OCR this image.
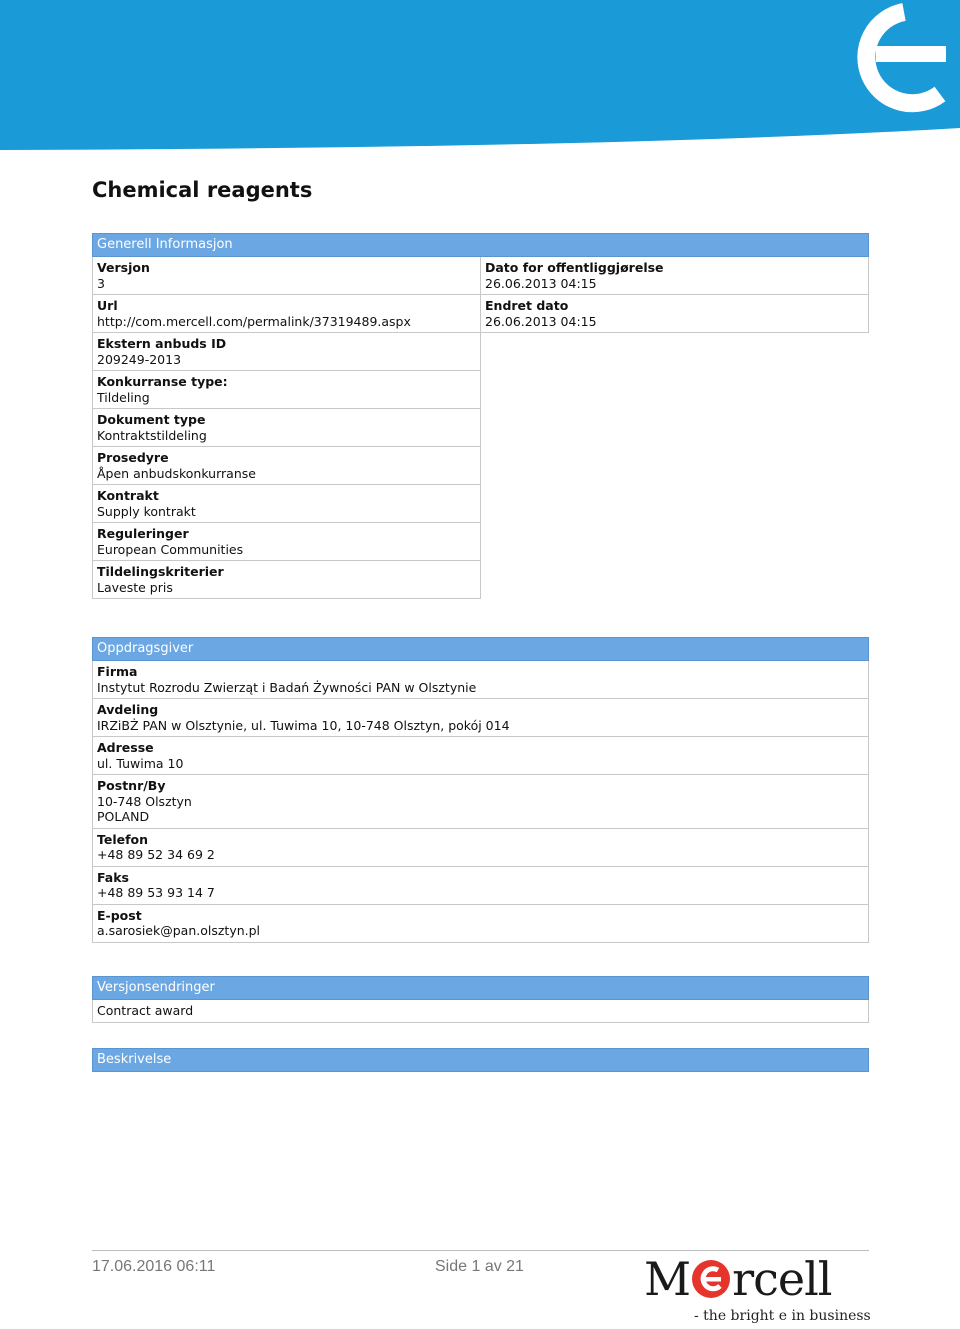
Chemical reagents
Generell Informasjon
Versjon
3
Url
http://com.mercell.com/permalink/37319489.aspx
Ekstern anbuds ID
209249-2013
Konkurranse type:
Tildeling
Dokument type
Kontraktstildeling
Prosedyre
Åpen anbudskonkurranse
Kontrakt
Supply kontrakt
Reguleringer
European Communities
Tildelingskriterier
Laveste pris
Dato for offentliggjørelse
26.06.2013 04:15
Endret dato
26.06.2013 04:15
Oppdragsgiver
Firma
Instytut Rozrodu Zwierząt i Badań Żywności PAN w Olsztynie
Avdeling
IRZiBŻ PAN w Olsztynie, ul. Tuwima 10, 10-748 Olsztyn, pokój 014
Adresse
ul. Tuwima 10
Postnr/By
10-748 Olsztyn
POLAND
Telefon
+48 89 52 34 69 2
Faks
+48 89 53 93 14 7
E-post
a.sarosiek@pan.olsztyn.pl
Versjonsendringer
Contract award
Beskrivelse
17.06.2016 06:11	Side 1 av 21	M rcell
- the bright e in business
